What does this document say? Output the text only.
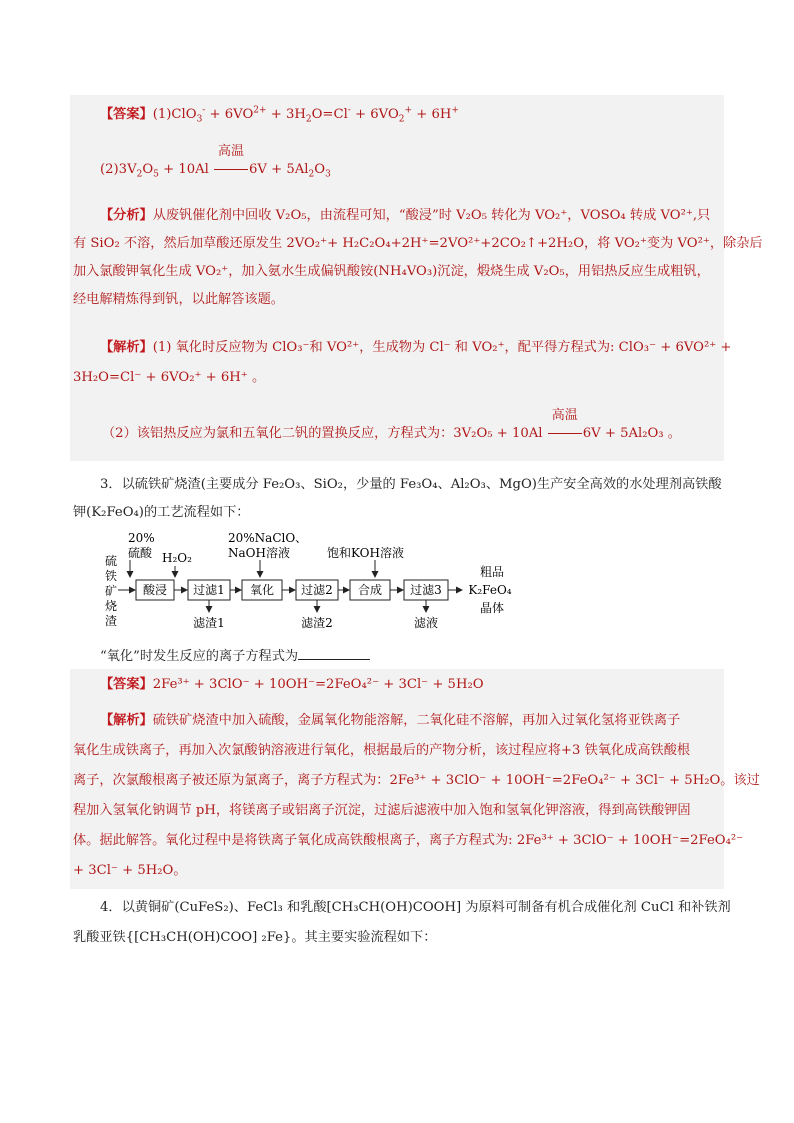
【答案】$(1)ClO_3^- + 6VO^{2+} + 3H_2O=Cl^- + 6VO_2^+ + 6H^+$
$(2)3V_2O_5 + 10Al$
高温
$6V + 5Al_2O_3$
【分析】从废钒催化剂中回收 V₂O₅，由流程可知，“酸浸”时 V₂O₅ 转化为 VO₂⁺，VOSO₄ 转成 VO²⁺,只
有 SiO₂ 不溶，然后加草酸还原发生 2VO₂⁺+ H₂C₂O₄+2H⁺=2VO²⁺+2CO₂↑+2H₂O，将 VO₂⁺变为 VO²⁺，除杂后
加入氯酸钾氧化生成 VO₂⁺，加入氨水生成偏钒酸铵(NH₄VO₃)沉淀，煅烧生成 V₂O₅，用铝热反应生成粗钒，
经电解精炼得到钒，以此解答该题。
【解析】(1) 氧化时反应物为 ClO₃⁻和 VO²⁺，生成物为 Cl⁻ 和 VO₂⁺，配平得方程式为: ClO₃⁻ + 6VO²⁺ +
3H₂O=Cl⁻ + 6VO₂⁺ + 6H⁺ 。
（2）该铝热反应为氯和五氧化二钒的置换反应，方程式为：3V₂O₅ + 10Al
高温
6V + 5Al₂O₃ 。
3．以硫铁矿烧渣(主要成分 Fe₂O₃、SiO₂，少量的 Fe₃O₄、Al₂O₃、MgO)生产安全高效的水处理剂高铁酸
钾(K₂FeO₄)的工艺流程如下：
硫
铁
矿
烧
渣
20%
硫酸 H₂O₂
20%NaClO、
NaOH溶液	饱和KOH溶液
酸浸 过滤1 氧化 过滤2 合成 过滤3
滤渣1	滤渣2	滤液
粗品
K₂FeO₄
晶体
“氧化”时发生反应的离子方程式为
【答案】2Fe³⁺ + 3ClO⁻ + 10OH⁻=2FeO₄²⁻ + 3Cl⁻ + 5H₂O
【解析】硫铁矿烧渣中加入硫酸，金属氧化物能溶解，二氧化硅不溶解，再加入过氧化氢将亚铁离子
氧化生成铁离子，再加入次氯酸钠溶液进行氧化，根据最后的产物分析，该过程应将+3 铁氧化成高铁酸根
离子，次氯酸根离子被还原为氯离子，离子方程式为：2Fe³⁺ + 3ClO⁻ + 10OH⁻=2FeO₄²⁻ + 3Cl⁻ + 5H₂O。该过
程加入氢氧化钠调节 pH，将镁离子或铝离子沉淀，过滤后滤液中加入饱和氢氧化钾溶液，得到高铁酸钾固
体。据此解答。氧化过程中是将铁离子氧化成高铁酸根离子，离子方程式为: 2Fe³⁺ + 3ClO⁻ + 10OH⁻=2FeO₄²⁻
+ 3Cl⁻ + 5H₂O。
4．以黄铜矿(CuFeS₂)、FeCl₃ 和乳酸[CH₃CH(OH)COOH] 为原料可制备有机合成催化剂 CuCl 和补铁剂
乳酸亚铁{[CH₃CH(OH)COO] ₂Fe}。其主要实验流程如下：
